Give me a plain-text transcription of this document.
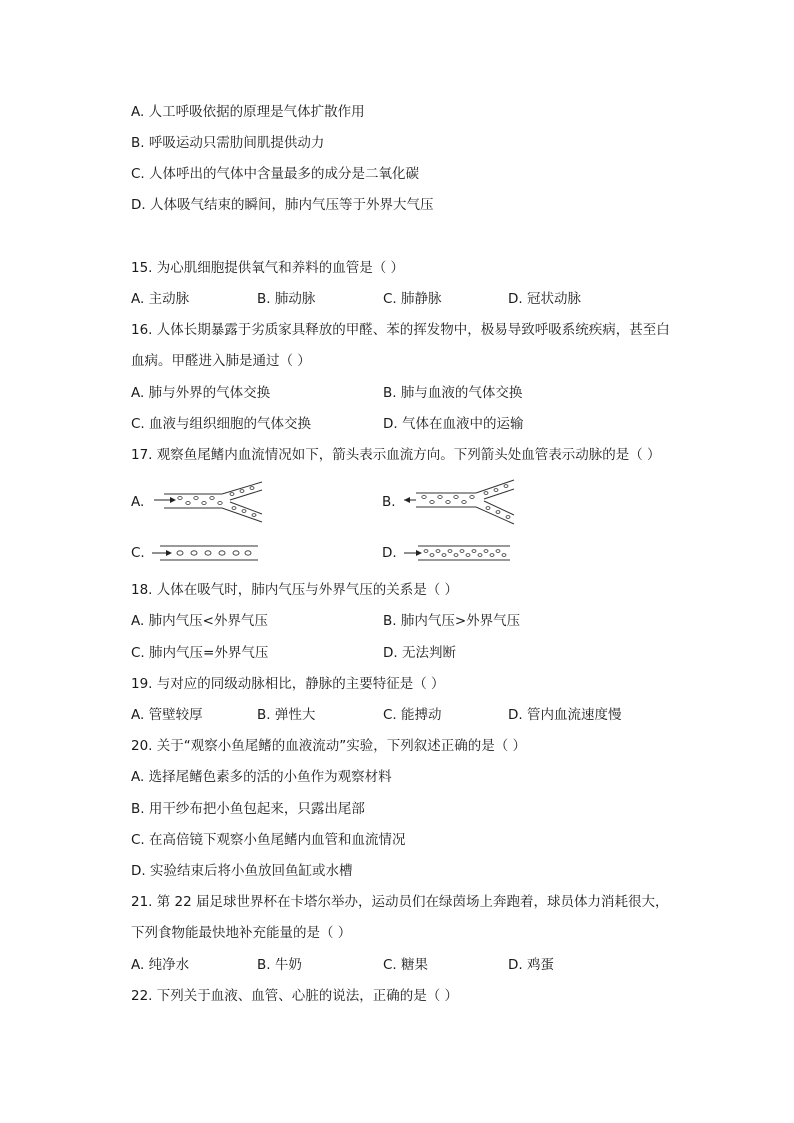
A. 人工呼吸依据的原理是气体扩散作用
B. 呼吸运动只需肋间肌提供动力
C. 人体呼出的气体中含量最多的成分是二氧化碳
D. 人体吸气结束的瞬间，肺内气压等于外界大气压
15. 为心肌细胞提供氧气和养料的血管是（ ）
A. 主动脉	B. 肺动脉	C. 肺静脉	D. 冠状动脉
16. 人体长期暴露于劣质家具释放的甲醛、苯的挥发物中，极易导致呼吸系统疾病，甚至白
血病。甲醛进入肺是通过（ ）
A. 肺与外界的气体交换	B. 肺与血液的气体交换
C. 血液与组织细胞的气体交换	D. 气体在血液中的运输
17. 观察鱼尾鳍内血流情况如下，箭头表示血流方向。下列箭头处血管表示动脉的是（ ）
A.	B.
C.	D.
18. 人体在吸气时，肺内气压与外界气压的关系是（ ）
A. 肺内气压<外界气压	B. 肺内气压>外界气压
C. 肺内气压=外界气压	D. 无法判断
19. 与对应的同级动脉相比，静脉的主要特征是（ ）
A. 管壁较厚	B. 弹性大	C. 能搏动	D. 管内血流速度慢
20. 关于“观察小鱼尾鳍的血液流动”实验，下列叙述正确的是（ ）
A. 选择尾鳍色素多的活的小鱼作为观察材料
B. 用干纱布把小鱼包起来，只露出尾部
C. 在高倍镜下观察小鱼尾鳍内血管和血流情况
D. 实验结束后将小鱼放回鱼缸或水槽
21. 第 22 届足球世界杯在卡塔尔举办，运动员们在绿茵场上奔跑着，球员体力消耗很大，
下列食物能最快地补充能量的是（ ）
A. 纯净水	B. 牛奶	C. 糖果	D. 鸡蛋
22. 下列关于血液、血管、心脏的说法，正确的是（ ）
